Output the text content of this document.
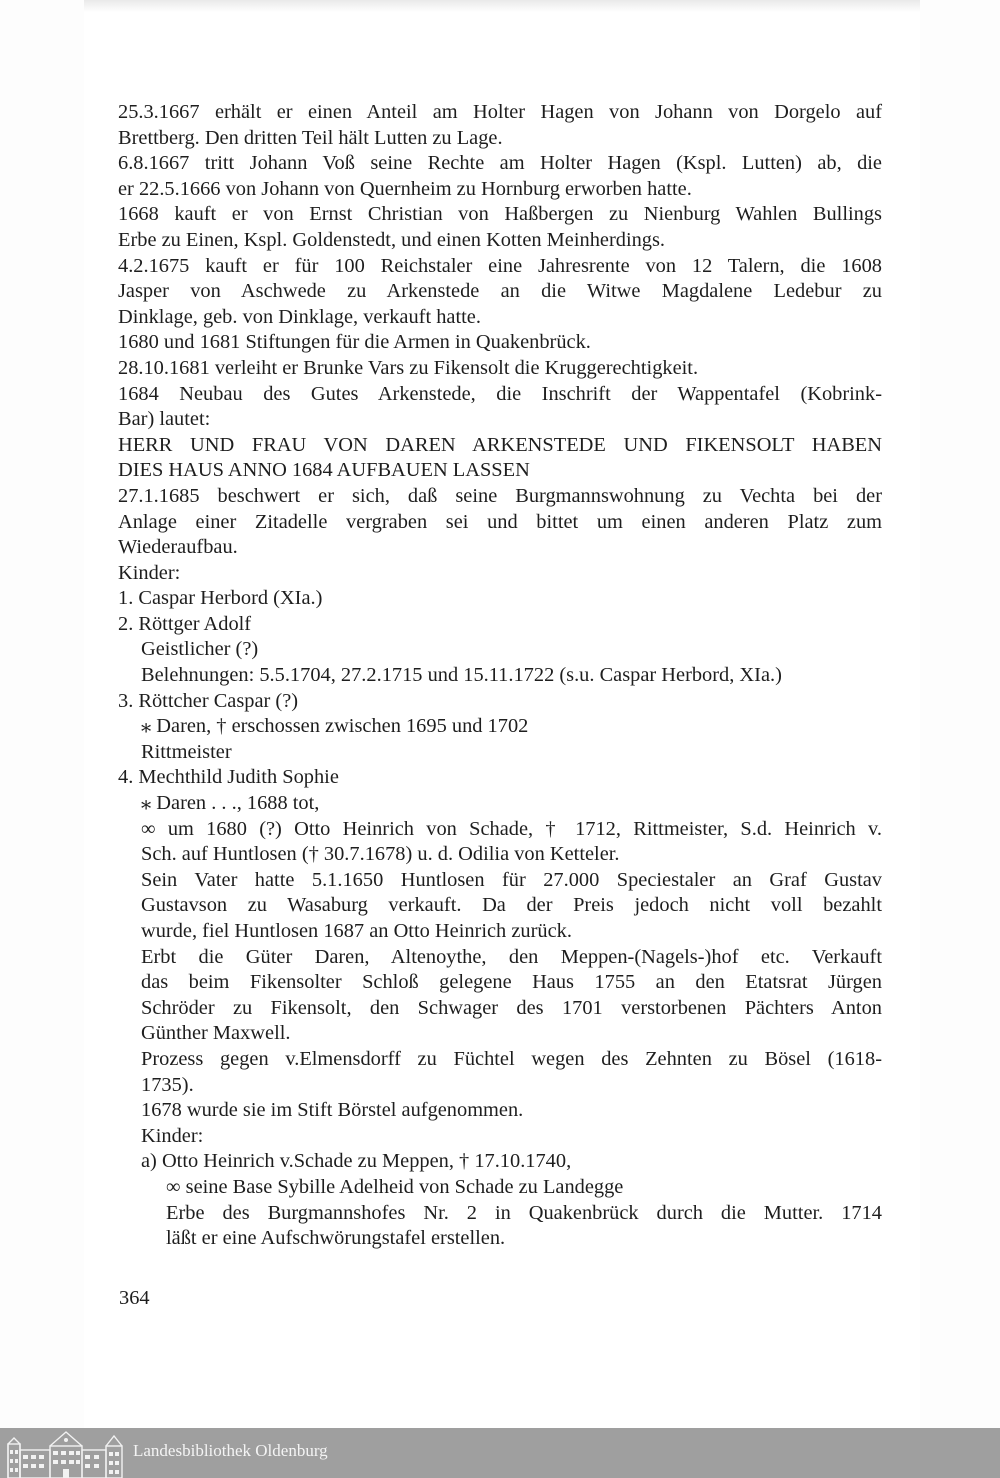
25.3.1667 erhält er einen Anteil am Holter Hagen von Johann von Dorgelo auf
Brettberg. Den dritten Teil hält Lutten zu Lage.
6.8.1667 tritt Johann Voß seine Rechte am Holter Hagen (Kspl. Lutten) ab, die
er 22.5.1666 von Johann von Quernheim zu Hornburg erworben hatte.
1668 kauft er von Ernst Christian von Haßbergen zu Nienburg Wahlen Bullings
Erbe zu Einen, Kspl. Goldenstedt, und einen Kotten Meinherdings.
4.2.1675 kauft er für 100 Reichstaler eine Jahresrente von 12 Talern, die 1608
Jasper von Aschwede zu Arkenstede an die Witwe Magdalene Ledebur zu
Dinklage, geb. von Dinklage, verkauft hatte.
1680 und 1681 Stiftungen für die Armen in Quakenbrück.
28.10.1681 verleiht er Brunke Vars zu Fikensolt die Kruggerechtigkeit.
1684 Neubau des Gutes Arkenstede, die Inschrift der Wappentafel (Kobrink-
Bar) lautet:
HERR UND FRAU VON DAREN ARKENSTEDE UND FIKENSOLT HABEN
DIES HAUS ANNO 1684 AUFBAUEN LASSEN
27.1.1685 beschwert er sich, daß seine Burgmannswohnung zu Vechta bei der
Anlage einer Zitadelle vergraben sei und bittet um einen anderen Platz zum
Wiederaufbau.
Kinder:
1. Caspar Herbord (XIa.)
2. Röttger Adolf
Geistlicher (?)
Belehnungen: 5.5.1704, 27.2.1715 und 15.11.1722 (s.u. Caspar Herbord, XIa.)
3. Röttcher Caspar (?)
⁎ Daren, † erschossen zwischen 1695 und 1702
Rittmeister
4. Mechthild Judith Sophie
⁎ Daren . . ., 1688 tot,
∞ um 1680 (?) Otto Heinrich von Schade, † 1712, Rittmeister, S.d. Heinrich v.
Sch. auf Huntlosen († 30.7.1678) u. d. Odilia von Ketteler.
Sein Vater hatte 5.1.1650 Huntlosen für 27.000 Speciestaler an Graf Gustav
Gustavson zu Wasaburg verkauft. Da der Preis jedoch nicht voll bezahlt
wurde, fiel Huntlosen 1687 an Otto Heinrich zurück.
Erbt die Güter Daren, Altenoythe, den Meppen-(Nagels-)hof etc. Verkauft
das beim Fikensolter Schloß gelegene Haus 1755 an den Etatsrat Jürgen
Schröder zu Fikensolt, den Schwager des 1701 verstorbenen Pächters Anton
Günther Maxwell.
Prozess gegen v.Elmensdorff zu Füchtel wegen des Zehnten zu Bösel (1618-
1735).
1678 wurde sie im Stift Börstel aufgenommen.
Kinder:
a) Otto Heinrich v.Schade zu Meppen, † 17.10.1740,
∞ seine Base Sybille Adelheid von Schade zu Landegge
Erbe des Burgmannshofes Nr. 2 in Quakenbrück durch die Mutter. 1714
läßt er eine Aufschwörungstafel erstellen.
364
Landesbibliothek Oldenburg
